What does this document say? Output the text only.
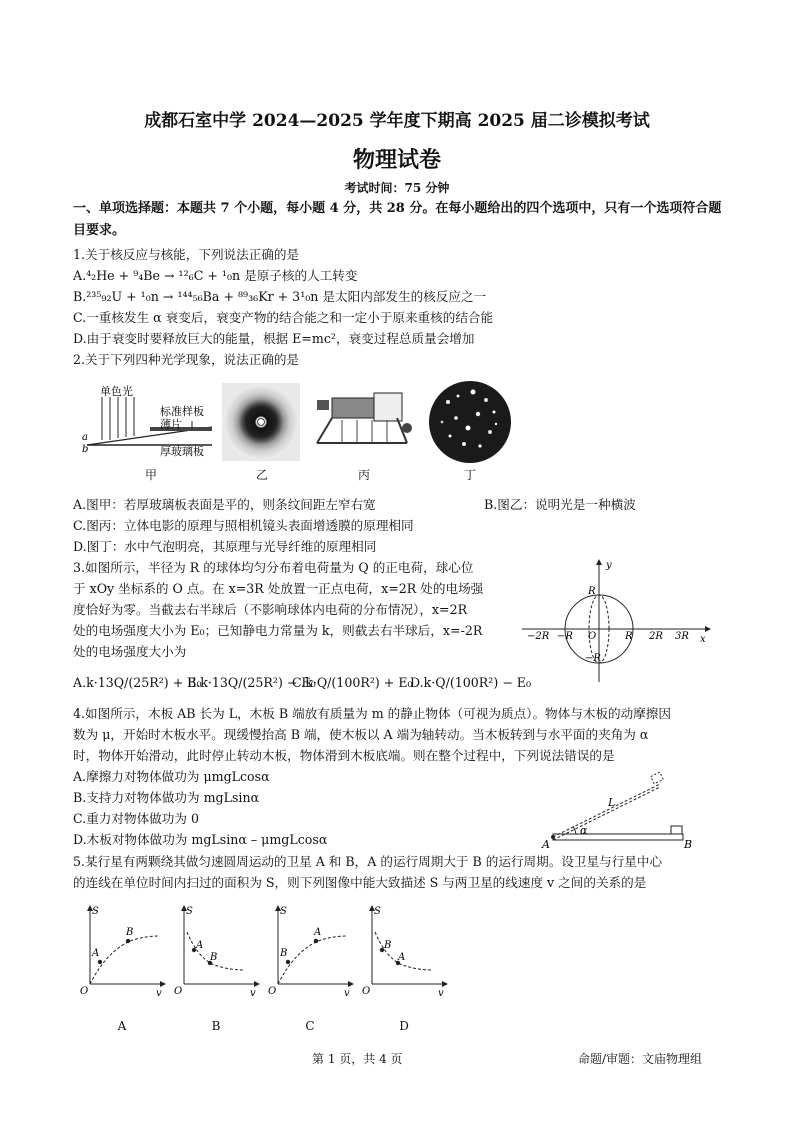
成都石室中学 2024—2025 学年度下期高 2025 届二诊模拟考试
物理试卷
考试时间：75 分钟
一、单项选择题：本题共 7 个小题，每小题 4 分，共 28 分。在每小题给出的四个选项中，只有一个选项符合题目要求。
1.关于核反应与核能，下列说法正确的是
A.⁴₂He + ⁹₄Be → ¹²₆C + ¹₀n 是原子核的人工转变
B.²³⁵₉₂U + ¹₀n → ¹⁴⁴₅₆Ba + ⁸⁹₃₆Kr + 3¹₀n 是太阳内部发生的核反应之一
C.一重核发生 α 衰变后，衰变产物的结合能之和一定小于原来重核的结合能
D.由于衰变时要释放巨大的能量，根据 E=mc²，衰变过程总质量会增加
2.关于下列四种光学现象，说法正确的是
单色光
标准样板
薄片
厚玻璃板
a
b
甲	乙	丙	丁
A.图甲：若厚玻璃板表面是平的，则条纹间距左窄右宽	B.图乙：说明光是一种横波
C.图丙：立体电影的原理与照相机镜头表面增透膜的原理相同
D.图丁：水中气泡明亮，其原理与光导纤维的原理相同
3.如图所示，半径为 R 的球体均匀分布着电荷量为 Q 的正电荷，球心位
于 xOy 坐标系的 O 点。在 x=3R 处放置一正点电荷，x=2R 处的电场强
度恰好为零。当截去右半球后（不影响球体内电荷的分布情况），x=2R
处的电场强度大小为 E₀；已知静电力常量为 k，则截去右半球后，x=-2R
处的电场强度大小为
A.k·13Q/(25R²) + E₀
B.k·13Q/(25R²) − E₀
C.k·Q/(100R²) + E₀
D.k·Q/(100R²) − E₀
y
x
O	R
−R
−2R	2R 3R
R
−R
4.如图所示，木板 AB 长为 L，木板 B 端放有质量为 m 的静止物体（可视为质点）。物体与木板的动摩擦因
数为 μ，开始时木板水平。现缓慢抬高 B 端，使木板以 A 端为轴转动。当木板转到与水平面的夹角为 α
时，物体开始滑动，此时停止转动木板，物体滑到木板底端。则在整个过程中，下列说法错误的是
A.摩擦力对物体做功为 μmgLcosα
B.支持力对物体做功为 mgLsinα
C.重力对物体做功为 0
D.木板对物体做功为 mgLsinα – μmgLcosα
L
A	B
α
5.某行星有两颗绕其做匀速圆周运动的卫星 A 和 B，A 的运行周期大于 B 的运行周期。设卫星与行星中心
的连线在单位时间内扫过的面积为 S，则下列图像中能大致描述 S 与两卫星的线速度 v 之间的关系的是
A
B
S
v
O
A
B
S
v
O
B
A
S
v
O
B
A
S
v
O
A	B	C	D
第 1 页，共 4 页	命题/审题：文庙物理组
